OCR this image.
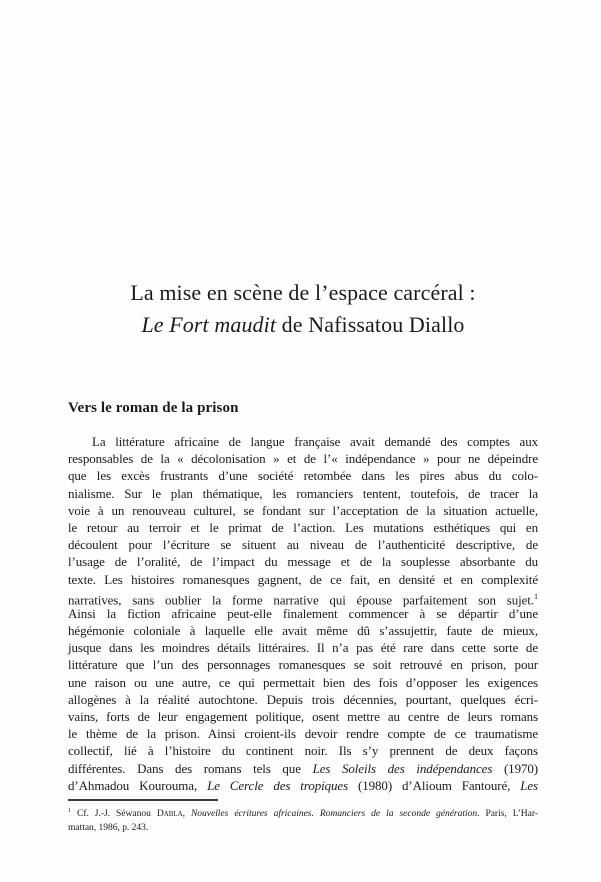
La mise en scène de l’espace carcéral :
Le Fort maudit de Nafissatou Diallo
Vers le roman de la prison
La littérature africaine de langue française avait demandé des comptes aux
responsables de la « décolonisation » et de l’« indépendance » pour ne dépeindre
que les excès frustrants d’une société retombée dans les pires abus du colo-
nialisme. Sur le plan thématique, les romanciers tentent, toutefois, de tracer la
voie à un renouveau culturel, se fondant sur l’acceptation de la situation actuelle,
le retour au terroir et le primat de l’action. Les mutations esthétiques qui en
découlent pour l’écriture se situent au niveau de l’authenticité descriptive, de
l’usage de l’oralité, de l’impact du message et de la souplesse absorbante du
texte. Les histoires romanesques gagnent, de ce fait, en densité et en complexité
narratives, sans oublier la forme narrative qui épouse parfaitement son sujet.$^1$
Ainsi la fiction africaine peut-elle finalement commencer à se départir d’une
hégémonie coloniale à laquelle elle avait même dû s’assujettir, faute de mieux,
jusque dans les moindres détails littéraires. Il n’a pas été rare dans cette sorte de
littérature que l’un des personnages romanesques se soit retrouvé en prison, pour
une raison ou une autre, ce qui permettait bien des fois d’opposer les exigences
allogènes à la réalité autochtone. Depuis trois décennies, pourtant, quelques écri-
vains, forts de leur engagement politique, osent mettre au centre de leurs romans
le thème de la prison. Ainsi croient-ils devoir rendre compte de ce traumatisme
collectif, lié à l’histoire du continent noir. Ils s’y prennent de deux façons
différentes. Dans des romans tels que Les Soleils des indépendances (1970)
d’Ahmadou Kourouma, Le Cercle des tropiques (1980) d’Alioum Fantouré, Les
$^1$ Cf. J.-J. Séwanou Dabla, Nouvelles écritures africaines. Romanciers de la seconde génération. Paris, L’Har-
mattan, 1986, p. 243.
